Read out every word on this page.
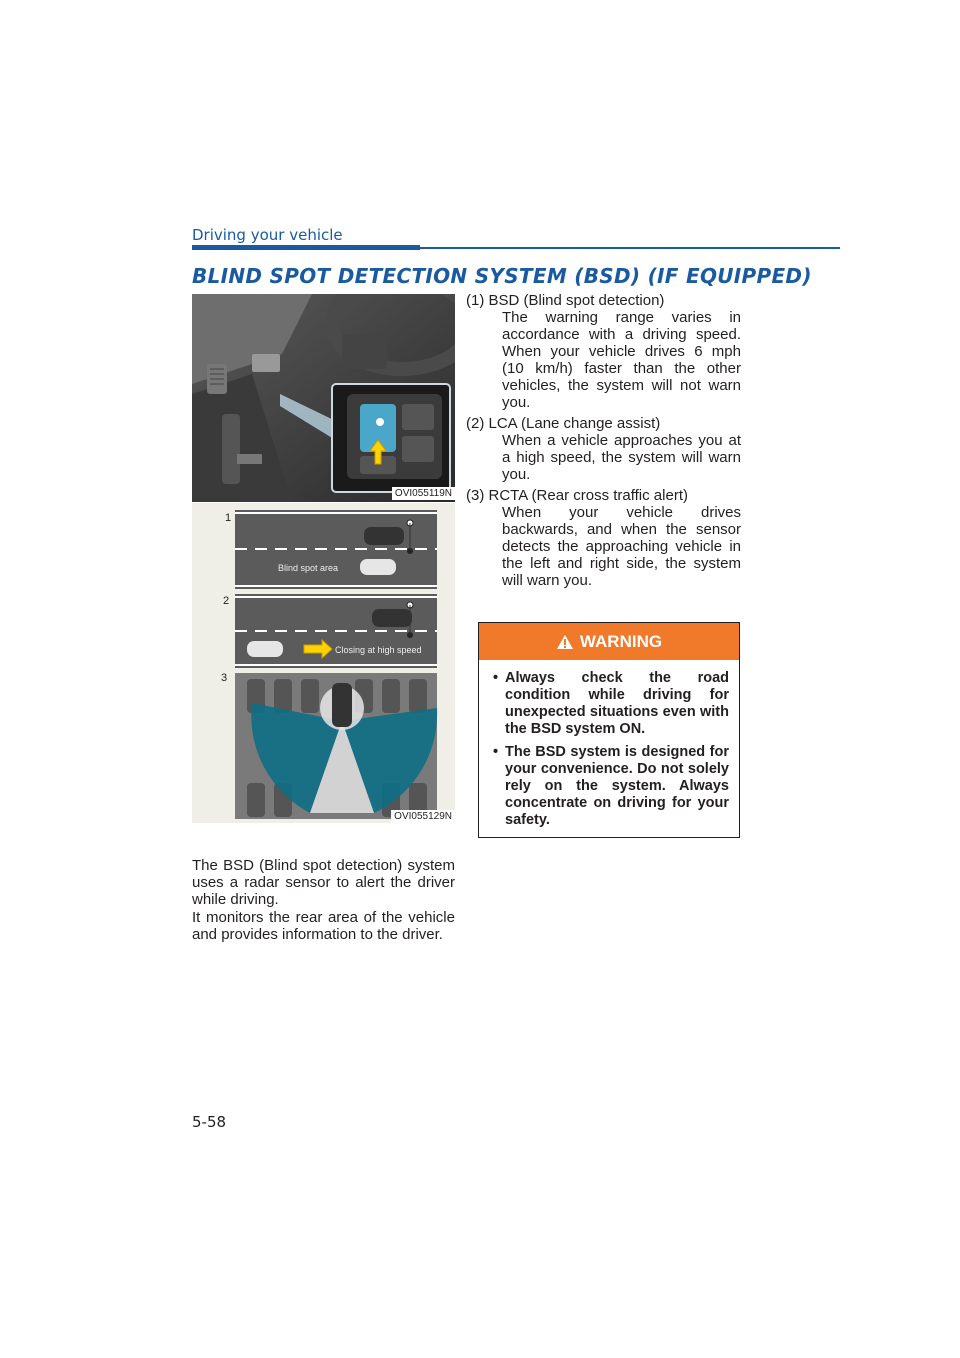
Driving your vehicle
BLIND SPOT DETECTION SYSTEM (BSD) (IF EQUIPPED)
OVI055119N
Blind spot area
Closing at high speed
1
2
3
OVI055129N
The BSD (Blind spot detection) system uses a radar sensor to alert the driver while driving.
It monitors the rear area of the vehicle and provides information to the driver.
(1) BSD (Blind spot detection)
The warning range varies in accordance with a driving speed. When your vehicle drives 6 mph (10 km/h) faster than the other vehicles, the system will not warn you.
(2) LCA (Lane change assist)
When a vehicle approaches you at a high speed, the system will warn you.
(3) RCTA (Rear cross traffic alert)
When your vehicle drives backwards, and when the sensor detects the approaching vehicle in the left and right side, the system will warn you.
WARNING
• Always check the road condition while driving for unexpected situations even with the BSD system ON.
• The BSD system is designed for your convenience. Do not solely rely on the system. Always concentrate on driving for your safety.
5-58
